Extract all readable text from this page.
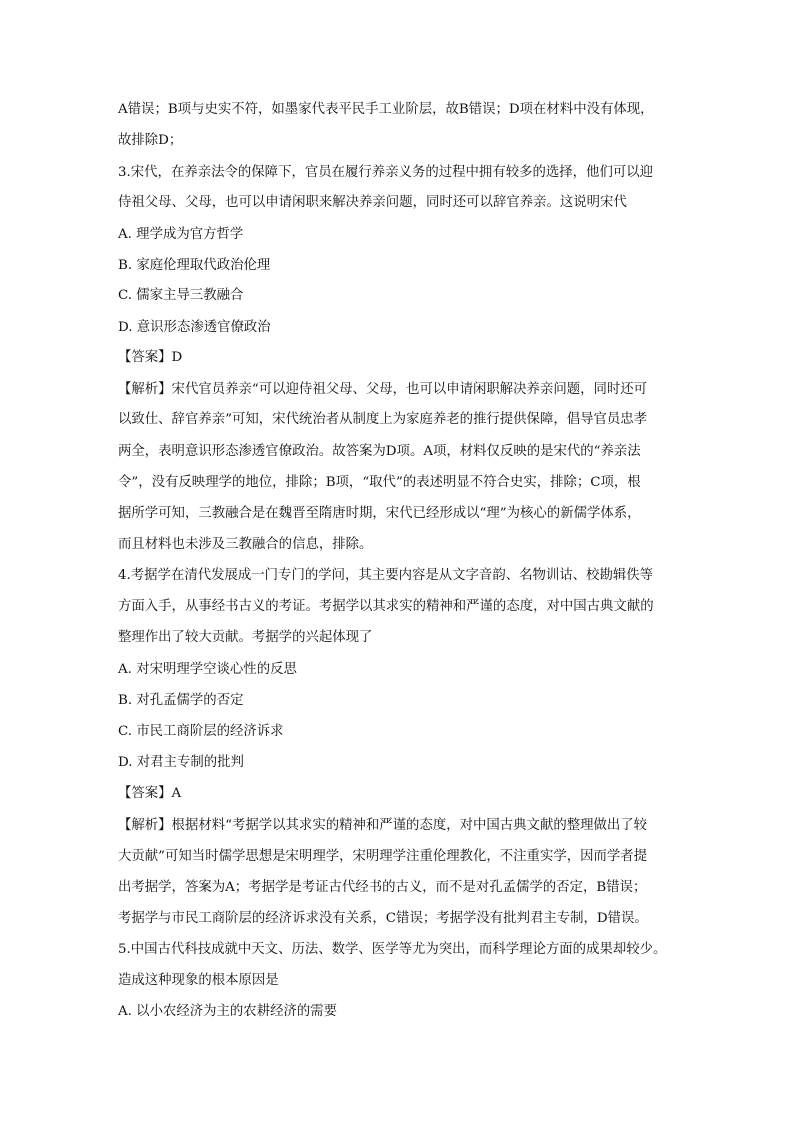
A错误；B项与史实不符，如墨家代表平民手工业阶层，故B错误；D项在材料中没有体现，
故排除D；
3.宋代，在养亲法令的保障下，官员在履行养亲义务的过程中拥有较多的选择，他们可以迎
侍祖父母、父母，也可以申请闲职来解决养亲问题，同时还可以辞官养亲。这说明宋代
A. 理学成为官方哲学
B. 家庭伦理取代政治伦理
C. 儒家主导三教融合
D. 意识形态渗透官僚政治
【答案】D
【解析】宋代官员养亲“可以迎侍祖父母、父母，也可以申请闲职解决养亲问题，同时还可
以致仕、辞官养亲”可知，宋代统治者从制度上为家庭养老的推行提供保障，倡导官员忠孝
两全，表明意识形态渗透官僚政治。故答案为D项。A项，材料仅反映的是宋代的“养亲法
令”，没有反映理学的地位，排除；B项，“取代”的表述明显不符合史实，排除；C项，根
据所学可知，三教融合是在魏晋至隋唐时期，宋代已经形成以“理”为核心的新儒学体系，
而且材料也未涉及三教融合的信息，排除。
4.考据学在清代发展成一门专门的学问，其主要内容是从文字音韵、名物训诂、校勘辑佚等
方面入手，从事经书古义的考证。考据学以其求实的精神和严谨的态度，对中国古典文献的
整理作出了较大贡献。考据学的兴起体现了
A. 对宋明理学空谈心性的反思
B. 对孔孟儒学的否定
C. 市民工商阶层的经济诉求
D. 对君主专制的批判
【答案】A
【解析】根据材料“考据学以其求实的精神和严谨的态度，对中国古典文献的整理做出了较
大贡献”可知当时儒学思想是宋明理学，宋明理学注重伦理教化，不注重实学，因而学者提
出考据学，答案为A；考据学是考证古代经书的古义，而不是对孔孟儒学的否定，B错误；
考据学与市民工商阶层的经济诉求没有关系，C错误；考据学没有批判君主专制，D错误。
5.中国古代科技成就中天文、历法、数学、医学等尤为突出，而科学理论方面的成果却较少。
造成这种现象的根本原因是
A. 以小农经济为主的农耕经济的需要
